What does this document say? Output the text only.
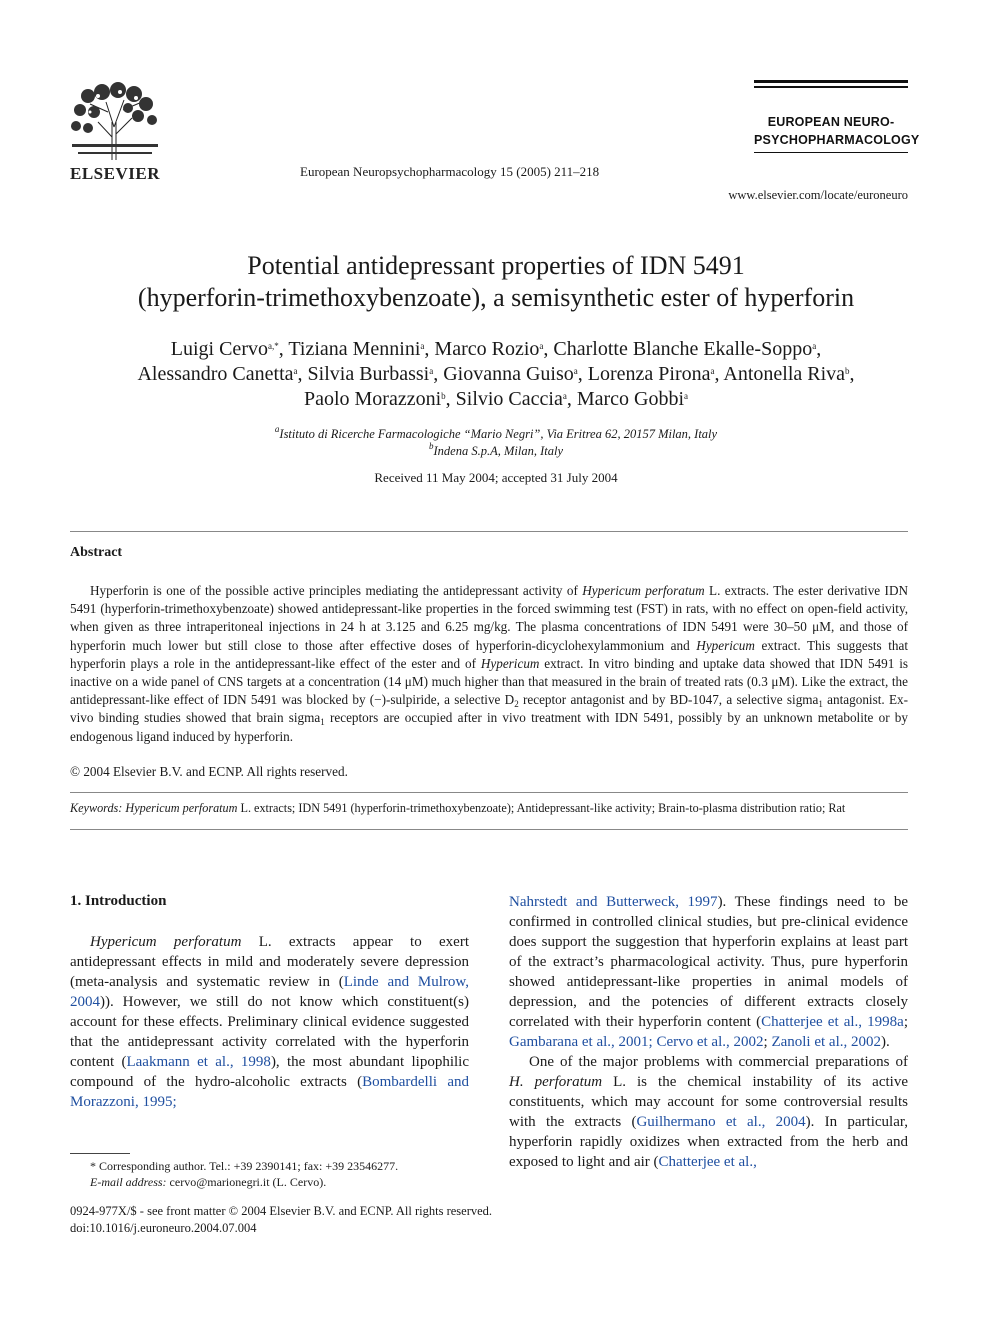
ELSEVIER	European Neuropsychopharmacology 15 (2005) 211–218
EUROPEAN NEURO-
PSYCHOPHARMACOLOGY
www.elsevier.com/locate/euroneuro
Potential antidepressant properties of IDN 5491
(hyperforin-trimethoxybenzoate), a semisynthetic ester of hyperforin
Luigi Cervo$^{a,*}$, Tiziana Mennini$^a$, Marco Rozio$^a$, Charlotte Blanche Ekalle-Soppo$^a$,
Alessandro Canetta$^a$, Silvia Burbassi$^a$, Giovanna Guiso$^a$, Lorenza Pirona$^a$, Antonella Riva$^b$,
Paolo Morazzoni$^b$, Silvio Caccia$^a$, Marco Gobbi$^a$
$^a$Istituto di Ricerche Farmacologiche “Mario Negri”, Via Eritrea 62, 20157 Milan, Italy
$^b$Indena S.p.A, Milan, Italy
Received 11 May 2004; accepted 31 July 2004
Abstract

Hyperforin is one of the possible active principles mediating the antidepressant activity of Hypericum perforatum L. extracts. The ester derivative IDN 5491 (hyperforin-trimethoxybenzoate) showed antidepressant-like properties in the forced swimming test (FST) in rats, with no effect on open-field activity, when given as three intraperitoneal injections in 24 h at 3.125 and 6.25 mg/kg. The plasma concentrations of IDN 5491 were 30–50 μM, and those of hyperforin much lower but still close to those after effective doses of hyperforin-dicyclohexylammonium and Hypericum extract. This suggests that hyperforin plays a role in the antidepressant-like effect of the ester and of Hypericum extract. In vitro binding and uptake data showed that IDN 5491 is inactive on a wide panel of CNS targets at a concentration (14 μM) much higher than that measured in the brain of treated rats (0.3 μM). Like the extract, the antidepressant-like effect of IDN 5491 was blocked by (−)-sulpiride, a selective $D_2$ receptor antagonist and by BD-1047, a selective sigma$_1$ antagonist. Ex-vivo binding studies showed that brain sigma$_1$ receptors are occupied after in vivo treatment with IDN 5491, possibly by an unknown metabolite or by endogenous ligand induced by hyperforin.

© 2004 Elsevier B.V. and ECNP. All rights reserved.
Keywords: Hypericum perforatum L. extracts; IDN 5491 (hyperforin-trimethoxybenzoate); Antidepressant-like activity; Brain-to-plasma distribution ratio; Rat
1. Introduction

Hypericum perforatum L. extracts appear to exert antidepressant effects in mild and moderately severe depression (meta-analysis and systematic review in (Linde and Mulrow, 2004)). However, we still do not know which constituent(s) account for these effects. Preliminary clinical evidence suggested that the antidepressant activity correlated with the hyperforin content (Laakmann et al., 1998), the most abundant lipophilic compound of the hydro-alcoholic extracts (Bombardelli and Morazzoni, 1995;

Nahrstedt and Butterweck, 1997). These findings need to be confirmed in controlled clinical studies, but pre-clinical evidence does support the suggestion that hyperforin explains at least part of the extract’s pharmacological activity. Thus, pure hyperforin showed antidepressant-like properties in animal models of depression, and the potencies of different extracts closely correlated with their hyperforin content (Chatterjee et al., 1998a; Gambarana et al., 2001; Cervo et al., 2002; Zanoli et al., 2002).

One of the major problems with commercial preparations of H. perforatum L. is the chemical instability of its active constituents, which may account for some controversial results with the extracts (Guilhermano et al., 2004). In particular, hyperforin rapidly oxidizes when extracted from the herb and exposed to light and air (Chatterjee et al.,

* Corresponding author. Tel.: +39 2390141; fax: +39 23546277.
E-mail address: cervo@marionegri.it (L. Cervo).
0924-977X/$ - see front matter © 2004 Elsevier B.V. and ECNP. All rights reserved.
doi:10.1016/j.euroneuro.2004.07.004
